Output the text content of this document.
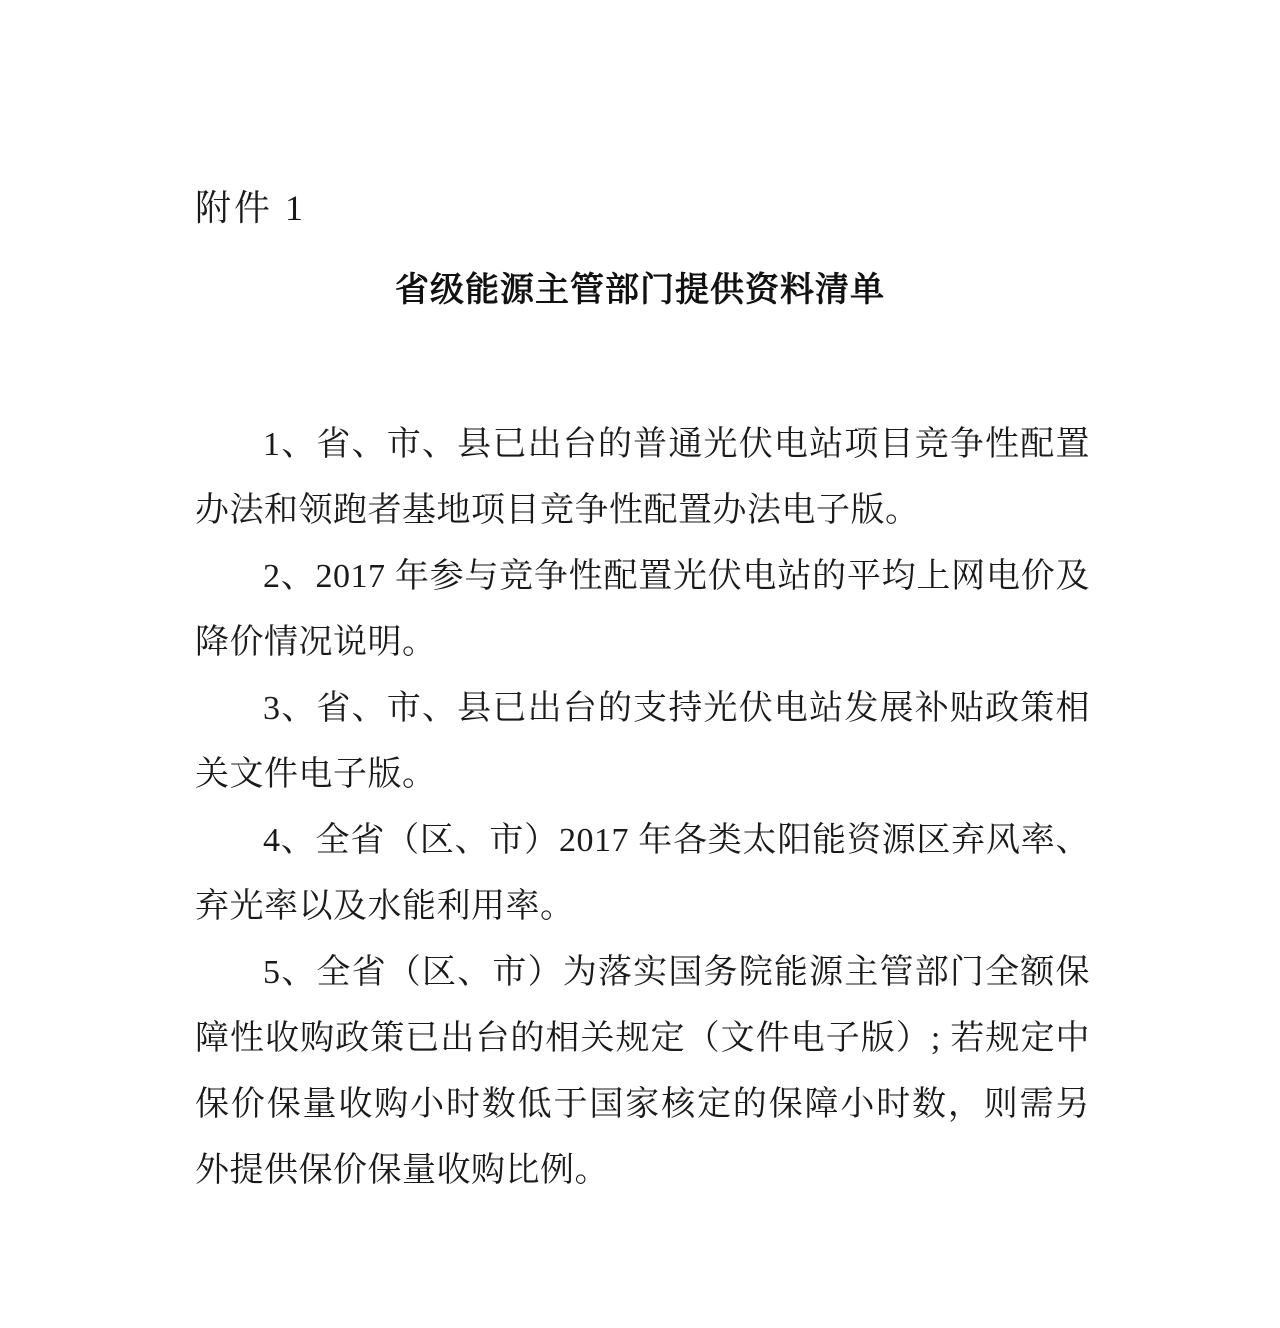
附件 1
省级能源主管部门提供资料清单

1、省、市、县已出台的普通光伏电站项目竞争性配置办法和领跑者基地项目竞争性配置办法电子版。

2、2017 年参与竞争性配置光伏电站的平均上网电价及降价情况说明。

3、省、市、县已出台的支持光伏电站发展补贴政策相关文件电子版。

4、全省（区、市）2017 年各类太阳能资源区弃风率、弃光率以及水能利用率。

5、全省（区、市）为落实国务院能源主管部门全额保障性收购政策已出台的相关规定（文件电子版）; 若规定中保价保量收购小时数低于国家核定的保障小时数，则需另外提供保价保量收购比例。
